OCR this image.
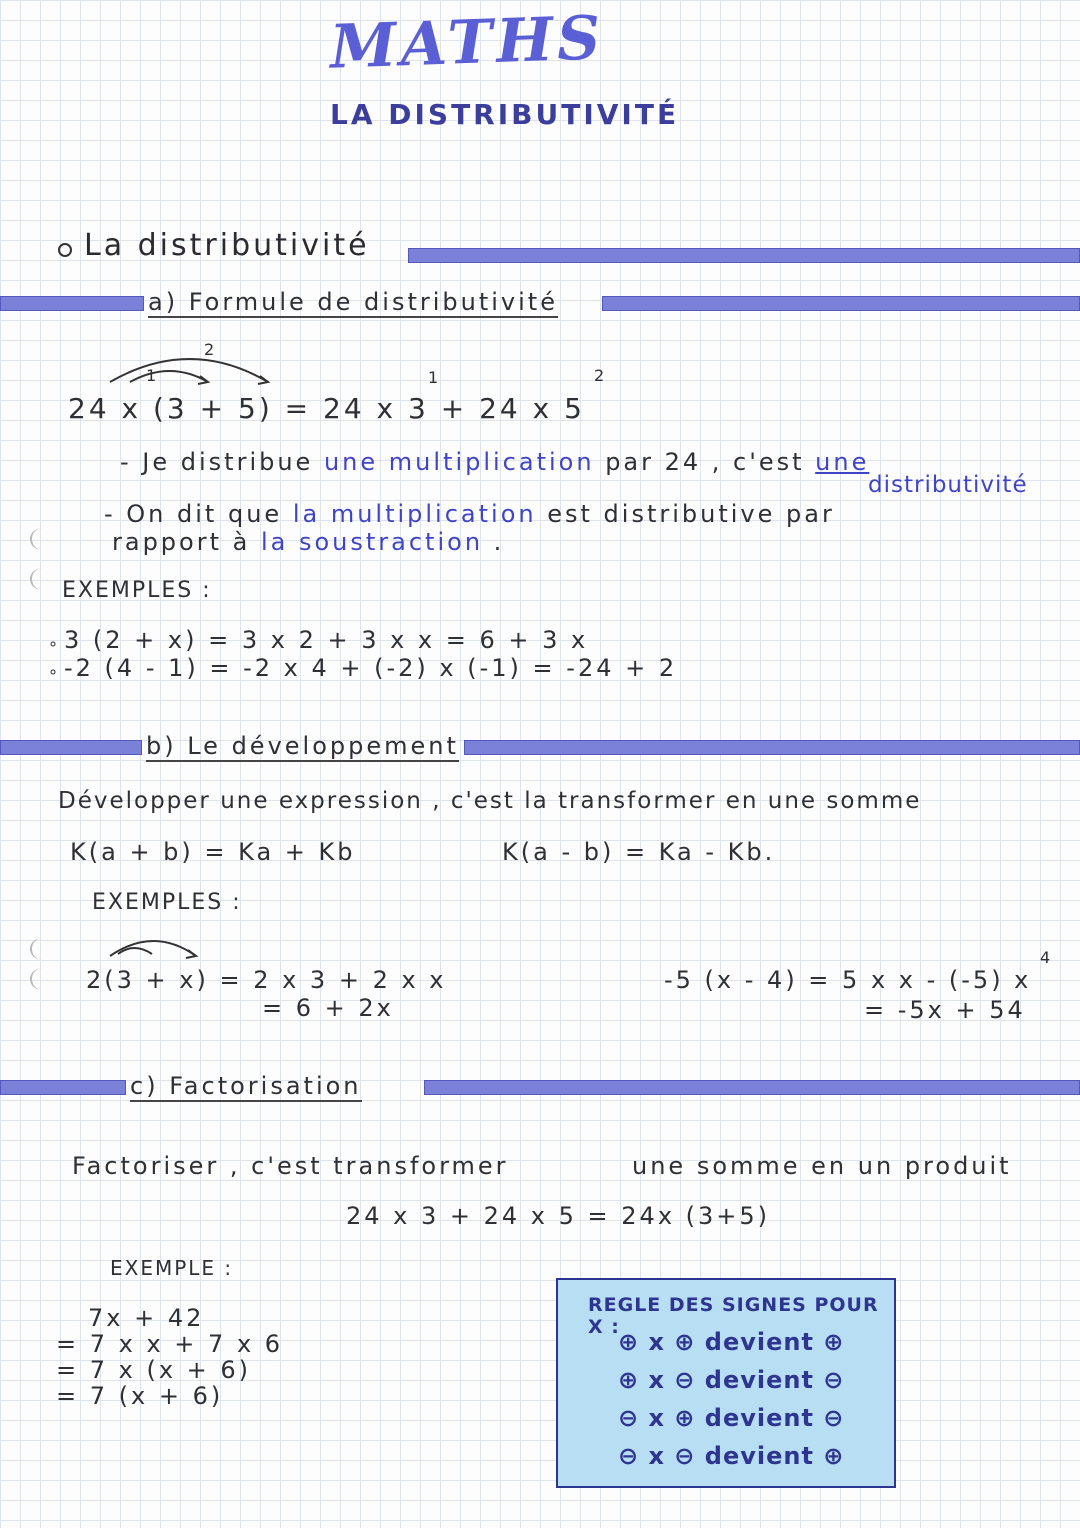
MATHS
LA DISTRIBUTIVITÉ
La distributivité
a) Formule de distributivité
1
2
1	2
24 x (3 + 5) = 24 x 3 + 24 x 5
- Je distribue une multiplication par 24 , c'est une
distributivité
- On dit que la multiplication est distributive par
rapport à la soustraction .
EXEMPLES :
3 (2 + x) = 3 x 2 + 3 x x = 6 + 3 x
-2 (4 - 1) = -2 x 4 + (-2) x (-1) = -24 + 2
∘
∘
b) Le développement
Développer une expression , c'est la transformer en une somme
K(a + b) = Ka + Kb	K(a - b) = Ka - Kb.
EXEMPLES :
2(3 + x) = 2 x 3 + 2 x x
= 6 + 2x
-5 (x - 4) = 5 x x - (-5) x
4
= -5x + 54
c) Factorisation
Factoriser , c'est transformer	une somme en un produit
24 x 3 + 24 x 5 = 24x (3+5)
EXEMPLE :
7x + 42
= 7 x x + 7 x 6
= 7 x (x + 6)
= 7 (x + 6)
REGLE DES SIGNES POUR X :
⊕ x ⊕ devient ⊕
⊕ x ⊖ devient ⊖
⊖ x ⊕ devient ⊖
⊖ x ⊖ devient ⊕
